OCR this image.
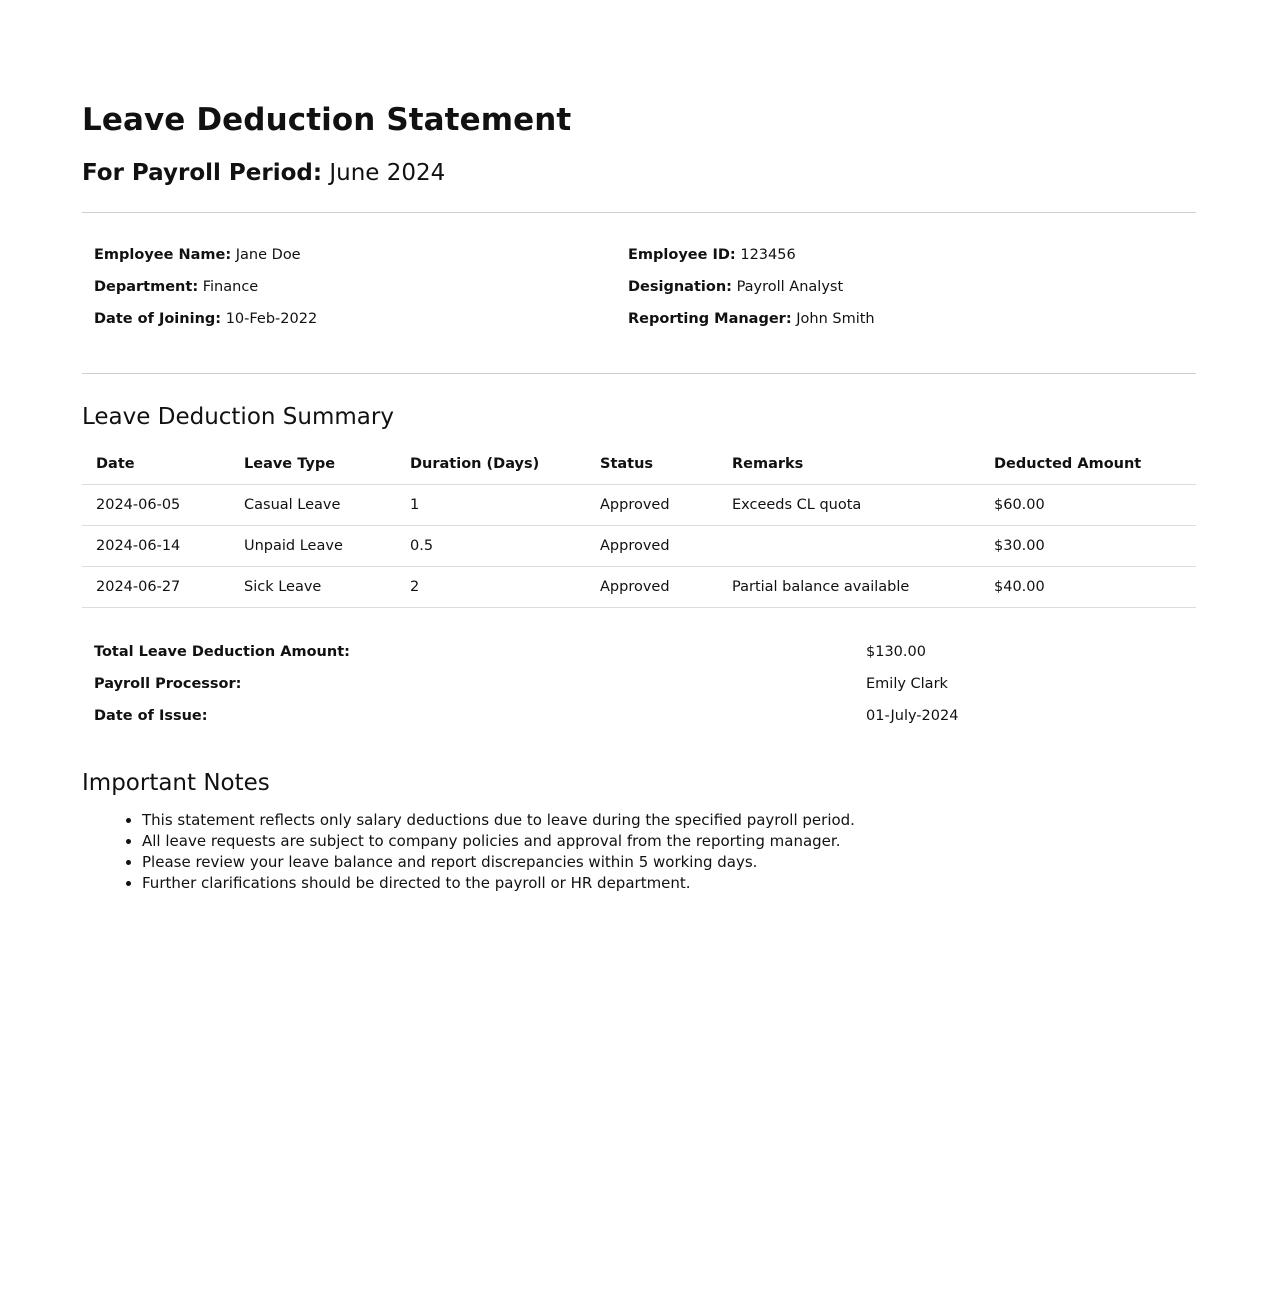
Leave Deduction Statement
For Payroll Period: June 2024
Employee Name: Jane Doe
Department: Finance
Date of Joining: 10-Feb-2022
Employee ID: 123456
Designation: Payroll Analyst
Reporting Manager: John Smith
Leave Deduction Summary
Date	Leave Type	Duration (Days)	Status	Remarks	Deducted Amount
2024-06-05	Casual Leave	1	Approved	Exceeds CL quota	$60.00
2024-06-14	Unpaid Leave	0.5	Approved		$30.00
2024-06-27	Sick Leave	2	Approved	Partial balance available	$40.00
Total Leave Deduction Amount:	$130.00
Payroll Processor:	Emily Clark
Date of Issue:	01-July-2024
Important Notes
• This statement reflects only salary deductions due to leave during the specified payroll period.
• All leave requests are subject to company policies and approval from the reporting manager.
• Please review your leave balance and report discrepancies within 5 working days.
• Further clarifications should be directed to the payroll or HR department.
